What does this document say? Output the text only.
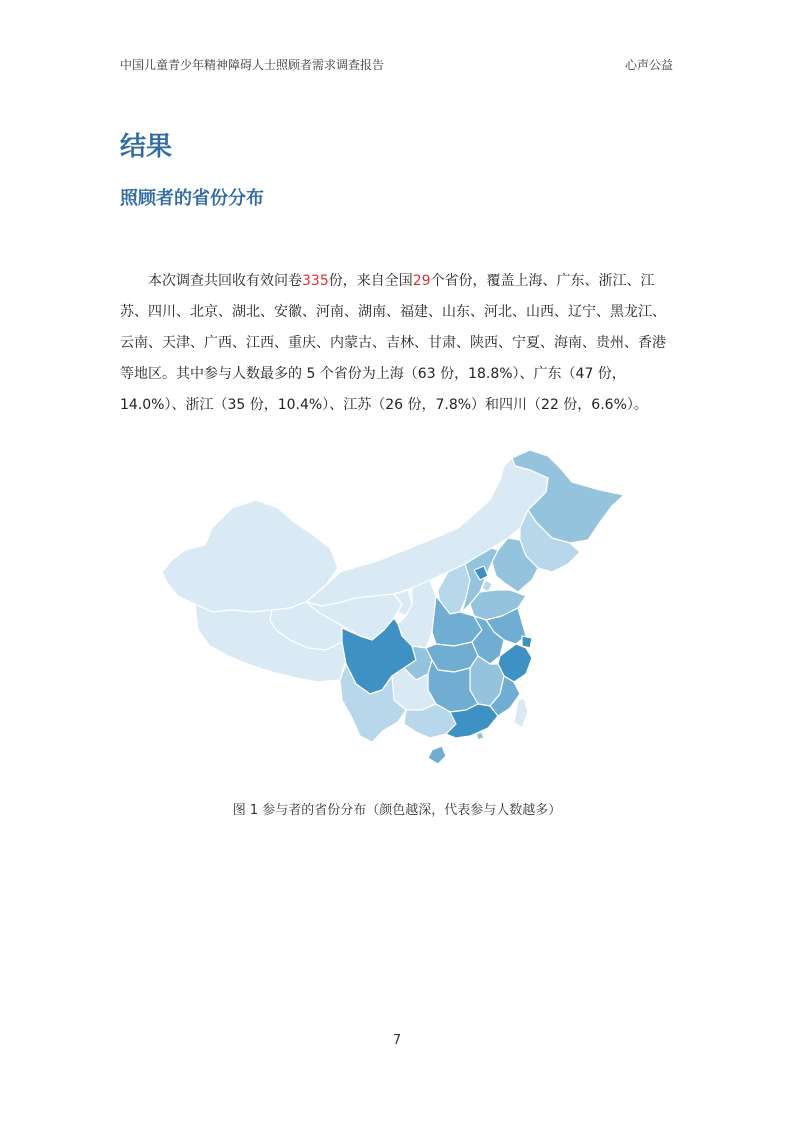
中国儿童青少年精神障碍人士照顾者需求调查报告	心声公益
结果
照顾者的省份分布

　　本次调查共回收有效问卷335份，来自全国29个省份，覆盖上海、广东、浙江、江苏、四川、北京、湖北、安徽、河南、湖南、福建、山东、河北、山西、辽宁、黑龙江、云南、天津、广西、江西、重庆、内蒙古、吉林、甘肃、陕西、宁夏、海南、贵州、香港等地区。其中参与人数最多的 5 个省份为上海（63 份，18.8%）、广东（47 份，14.0%）、浙江（35 份，10.4%）、江苏（26 份，7.8%）和四川（22 份，6.6%）。

图 1 参与者的省份分布（颜色越深，代表参与人数越多）
7
